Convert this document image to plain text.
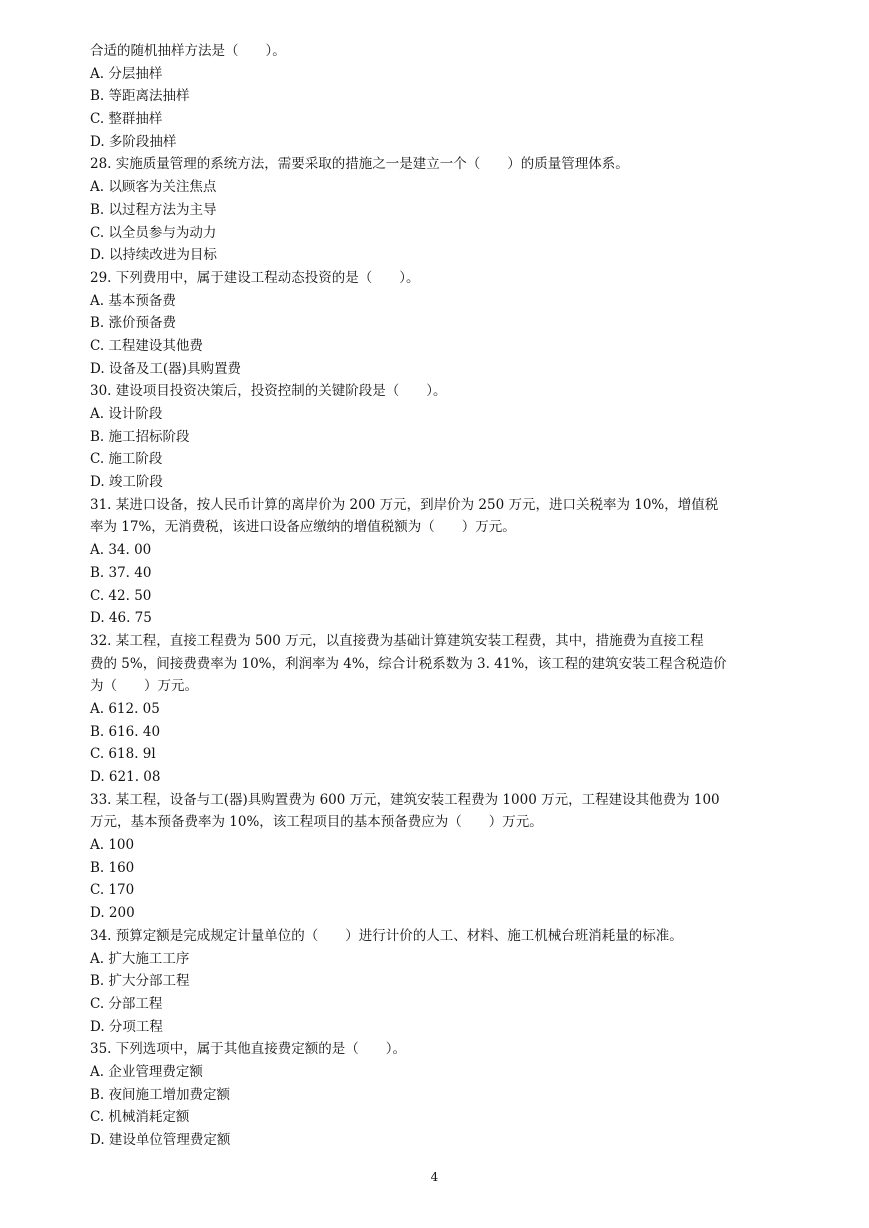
合适的随机抽样方法是（　　）。
A. 分层抽样
B. 等距离法抽样
C. 整群抽样
D. 多阶段抽样
28. 实施质量管理的系统方法，需要采取的措施之一是建立一个（　　）的质量管理体系。
A. 以顾客为关注焦点
B. 以过程方法为主导
C. 以全员参与为动力
D. 以持续改进为目标
29. 下列费用中，属于建设工程动态投资的是（　　）。
A. 基本预备费
B. 涨价预备费
C. 工程建设其他费
D. 设备及工(器)具购置费
30. 建设项目投资决策后，投资控制的关键阶段是（　　）。
A. 设计阶段
B. 施工招标阶段
C. 施工阶段
D. 竣工阶段
31. 某进口设备，按人民币计算的离岸价为 200 万元，到岸价为 250 万元，进口关税率为 10%，增值税
率为 17%，无消费税，该进口设备应缴纳的增值税额为（　　）万元。
A. 34. 00
B. 37. 40
C. 42. 50
D. 46. 75
32. 某工程，直接工程费为 500 万元，以直接费为基础计算建筑安装工程费，其中，措施费为直接工程
费的 5%，间接费费率为 10%，利润率为 4%，综合计税系数为 3. 41%，该工程的建筑安装工程含税造价
为（　　）万元。
A. 612. 05
B. 616. 40
C. 618. 9l
D. 621. 08
33. 某工程，设备与工(器)具购置费为 600 万元，建筑安装工程费为 1000 万元，工程建设其他费为 100
万元，基本预备费率为 10%，该工程项目的基本预备费应为（　　）万元。
A. 100
B. 160
C. 170
D. 200
34. 预算定额是完成规定计量单位的（　　）进行计价的人工、材料、施工机械台班消耗量的标准。
A. 扩大施工工序
B. 扩大分部工程
C. 分部工程
D. 分项工程
35. 下列选项中，属于其他直接费定额的是（　　）。
A. 企业管理费定额
B. 夜间施工增加费定额
C. 机械消耗定额
D. 建设单位管理费定额
4
